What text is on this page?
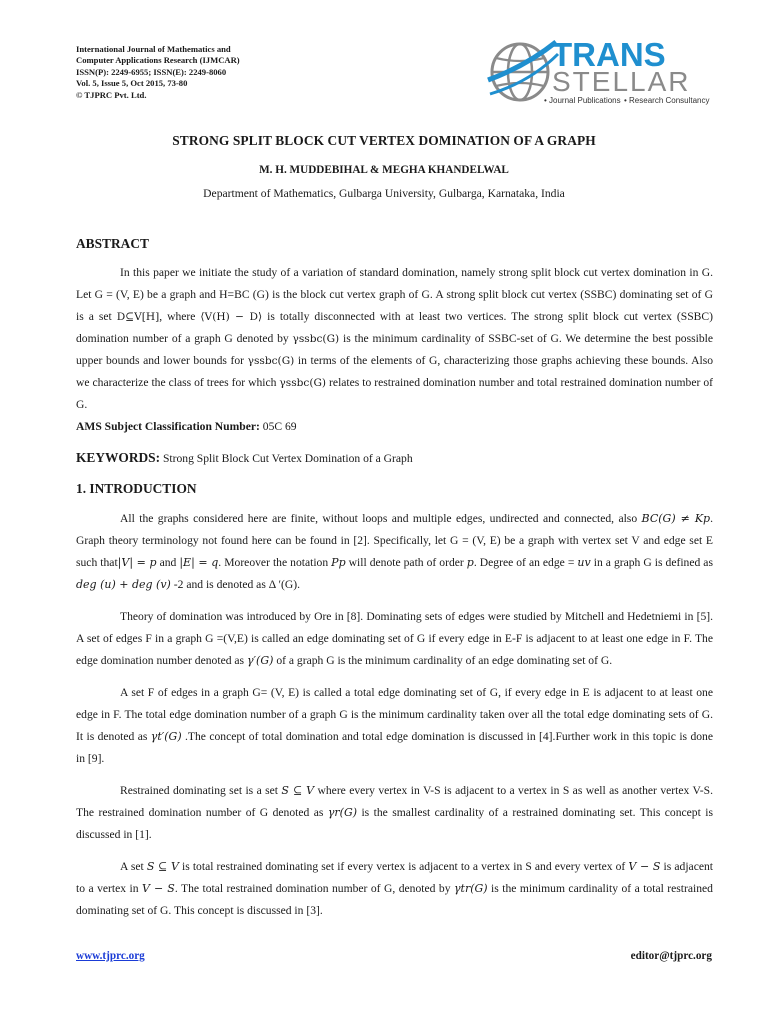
International Journal of Mathematics and
Computer Applications Research (IJMCAR)
ISSN(P): 2249-6955; ISSN(E): 2249-8060
Vol. 5, Issue 5, Oct 2015, 73-80
© TJPRC Pvt. Ltd.
TRANS
STELLAR
• Journal Publications • Research Consultancy
STRONG SPLIT BLOCK CUT VERTEX DOMINATION OF A GRAPH
M. H. MUDDEBIHAL & MEGHA KHANDELWAL
Department of Mathematics, Gulbarga University, Gulbarga, Karnataka, India
ABSTRACT

In this paper we initiate the study of a variation of standard domination, namely strong split block cut vertex domination in G. Let G = (V, E) be a graph and H=BC (G) is the block cut vertex graph of G. A strong split block cut vertex (SSBC) dominating set of G is a set D⊆V[H], where ⟨V(H) − D⟩ is totally disconnected with at least two vertices. The strong split block cut vertex (SSBC) domination number of a graph G denoted by γssbc(G) is the minimum cardinality of SSBC-set of G. We determine the best possible upper bounds and lower bounds for γssbc(G) in terms of the elements of G, characterizing those graphs achieving these bounds. Also we characterize the class of trees for which γssbc(G) relates to restrained domination number and total restrained domination number of G.

AMS Subject Classification Number: 05C 69
KEYWORDS: Strong Split Block Cut Vertex Domination of a Graph
1. INTRODUCTION

All the graphs considered here are finite, without loops and multiple edges, undirected and connected, also BC(G) ≠ Kp. Graph theory terminology not found here can be found in [2]. Specifically, let G = (V, E) be a graph with vertex set V and edge set E such that|V| = p and |E| = q. Moreover the notation Pp will denote path of order p. Degree of an edge = uv in a graph G is defined as deg (u) + deg (v) -2 and is denoted as Δ ′(G).

Theory of domination was introduced by Ore in [8]. Dominating sets of edges were studied by Mitchell and Hedetniemi in [5]. A set of edges F in a graph G =(V,E) is called an edge dominating set of G if every edge in E-F is adjacent to at least one edge in F. The edge domination number denoted as γ′(G) of a graph G is the minimum cardinality of an edge dominating set of G.

A set F of edges in a graph G= (V, E) is called a total edge dominating set of G, if every edge in E is adjacent to at least one edge in F. The total edge domination number of a graph G is the minimum cardinality taken over all the total edge dominating sets of G. It is denoted as γt′(G) .The concept of total domination and total edge domination is discussed in [4].Further work in this topic is done in [9].

Restrained dominating set is a set S ⊆ V where every vertex in V-S is adjacent to a vertex in S as well as another vertex V-S. The restrained domination number of G denoted as γr(G) is the smallest cardinality of a restrained dominating set. This concept is discussed in [1].

A set S ⊆ V is total restrained dominating set if every vertex is adjacent to a vertex in S and every vertex of V − S is adjacent to a vertex in V − S. The total restrained domination number of G, denoted by γtr(G) is the minimum cardinality of a total restrained dominating set of G. This concept is discussed in [3].

www.tjprc.org	editor@tjprc.org
